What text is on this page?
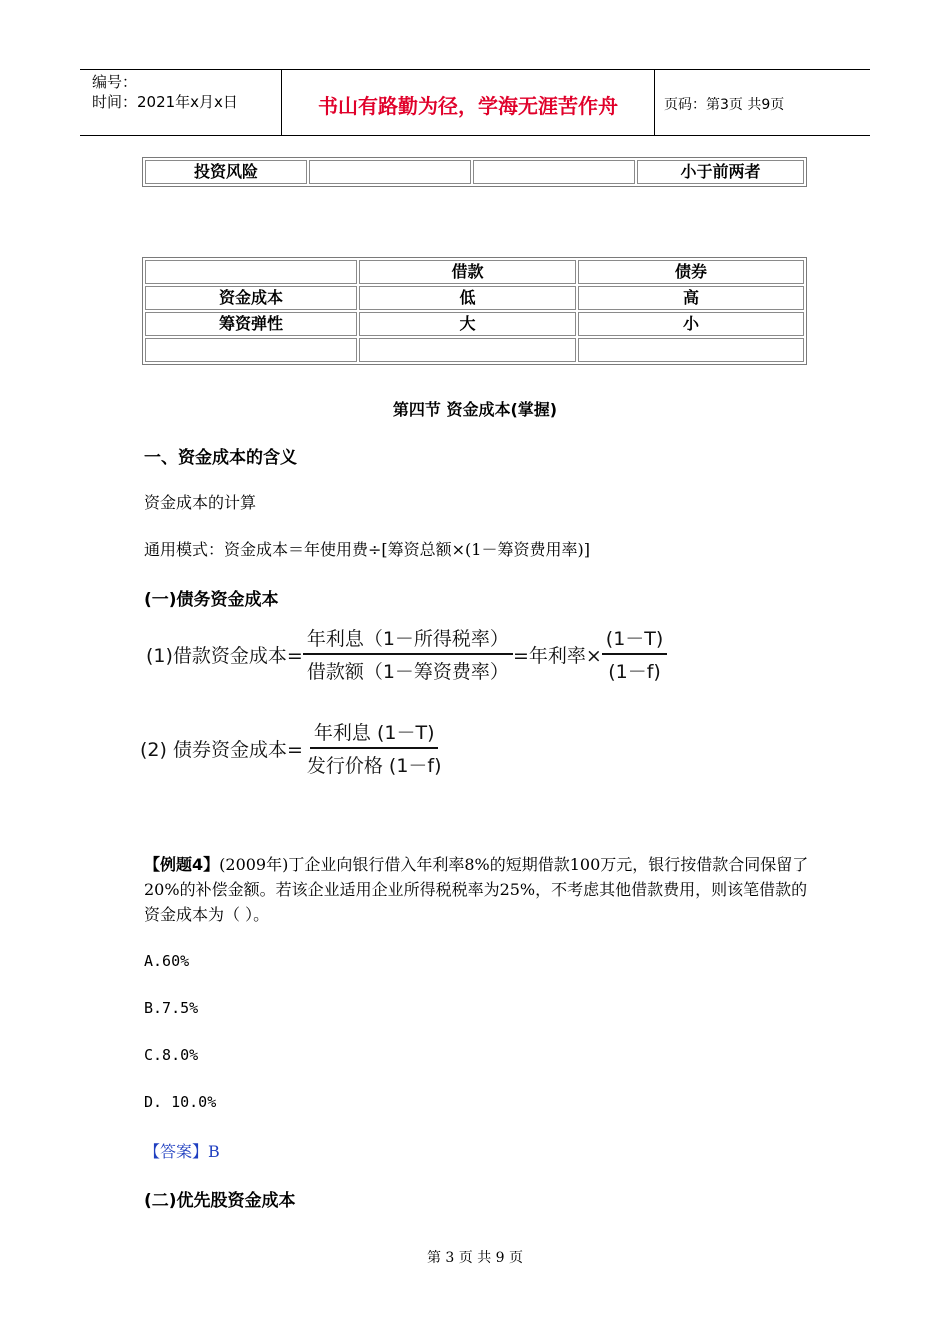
编号：
时间：2021年x月x日	书山有路勤为径，学海无涯苦作舟	页码：第3页 共9页
投资风险			小于前两者
	借款	债券
资金成本	低	高
筹资弹性	大	小

第四节 资金成本(掌握)
一、资金成本的含义
资金成本的计算
通用模式：资金成本＝年使用费÷[筹资总额×(1－筹资费用率)]
(一)债务资金成本
(1)借款资金成本= $\frac{\text{年利息（1－所得税率）}}{\text{借款额（1－筹资费率）}}$ =年利率× $\frac{(1-T)}{(1-f)}$
(2) 债券资金成本= $\frac{\text{年利息 (1－T)}}{\text{发行价格 (1－f)}}$
【例题4】(2009年)丁企业向银行借入年利率8%的短期借款100万元，银行按借款合同保留了20%的补偿金额。若该企业适用企业所得税税率为25%，不考虑其他借款费用，则该笔借款的资金成本为（ ）。
A.60%
B.7.5%
C.8.0%
D. 10.0%
【答案】B
(二)优先股资金成本
第 3 页 共 9 页
